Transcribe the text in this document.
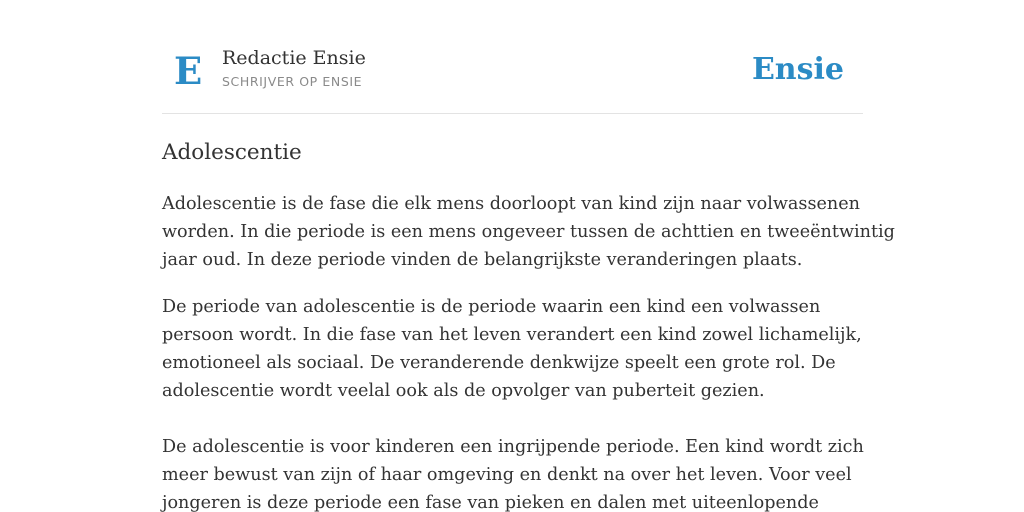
E Redactie Ensie
SCHRIJVER OP ENSIE	Ensie
Adolescentie

Adolescentie is de fase die elk mens doorloopt van kind zijn naar volwassenen
worden. In die periode is een mens ongeveer tussen de achttien en tweeëntwintig
jaar oud. In deze periode vinden de belangrijkste veranderingen plaats.

De periode van adolescentie is de periode waarin een kind een volwassen
persoon wordt. In die fase van het leven verandert een kind zowel lichamelijk,
emotioneel als sociaal. De veranderende denkwijze speelt een grote rol. De
adolescentie wordt veelal ook als de opvolger van puberteit gezien.

De adolescentie is voor kinderen een ingrijpende periode. Een kind wordt zich
meer bewust van zijn of haar omgeving en denkt na over het leven. Voor veel
jongeren is deze periode een fase van pieken en dalen met uiteenlopende
